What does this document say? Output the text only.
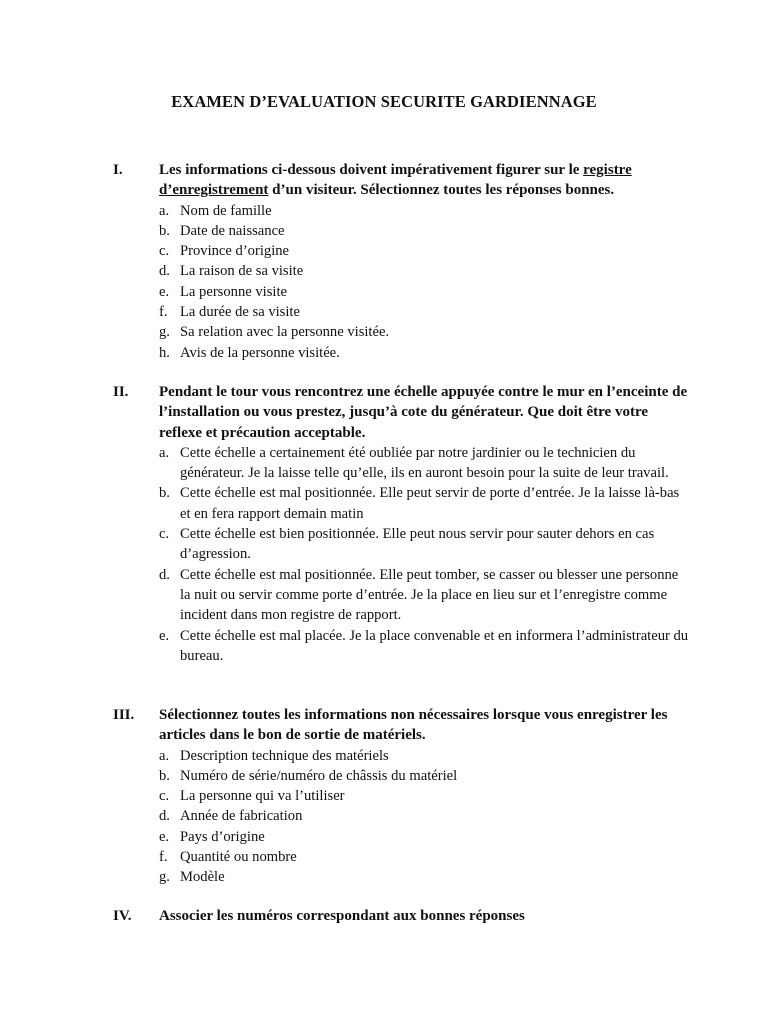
EXAMEN D’EVALUATION SECURITE GARDIENNAGE
I. Les informations ci-dessous doivent impérativement figurer sur le registre d’enregistrement d’un visiteur. Sélectionnez toutes les réponses bonnes.
a. Nom de famille
b. Date de naissance
c. Province d’origine
d. La raison de sa visite
e. La personne visite
f. La durée de sa visite
g. Sa relation avec la personne visitée.
h. Avis de la personne visitée.
II. Pendant le tour vous rencontrez une échelle appuyée contre le mur en l’enceinte de l’installation ou vous prestez, jusqu’à cote du générateur. Que doit être votre reflexe et précaution acceptable.
a. Cette échelle a certainement été oubliée par notre jardinier ou le technicien du générateur. Je la laisse telle qu’elle, ils en auront besoin pour la suite de leur travail.
b. Cette échelle est mal positionnée. Elle peut servir de porte d’entrée. Je la laisse là-bas et en fera rapport demain matin
c. Cette échelle est bien positionnée. Elle peut nous servir pour sauter dehors en cas d’agression.
d. Cette échelle est mal positionnée. Elle peut tomber, se casser ou blesser une personne la nuit ou servir comme porte d’entrée. Je la place en lieu sur et l’enregistre comme incident dans mon registre de rapport.
e. Cette échelle est mal placée. Je la place convenable et en informera l’administrateur du bureau.
III. Sélectionnez toutes les informations non nécessaires lorsque vous enregistrer les articles dans le bon de sortie de matériels.
a. Description technique des matériels
b. Numéro de série/numéro de châssis du matériel
c. La personne qui va l’utiliser
d. Année de fabrication
e. Pays d’origine
f. Quantité ou nombre
g. Modèle
IV. Associer les numéros correspondant aux bonnes réponses
